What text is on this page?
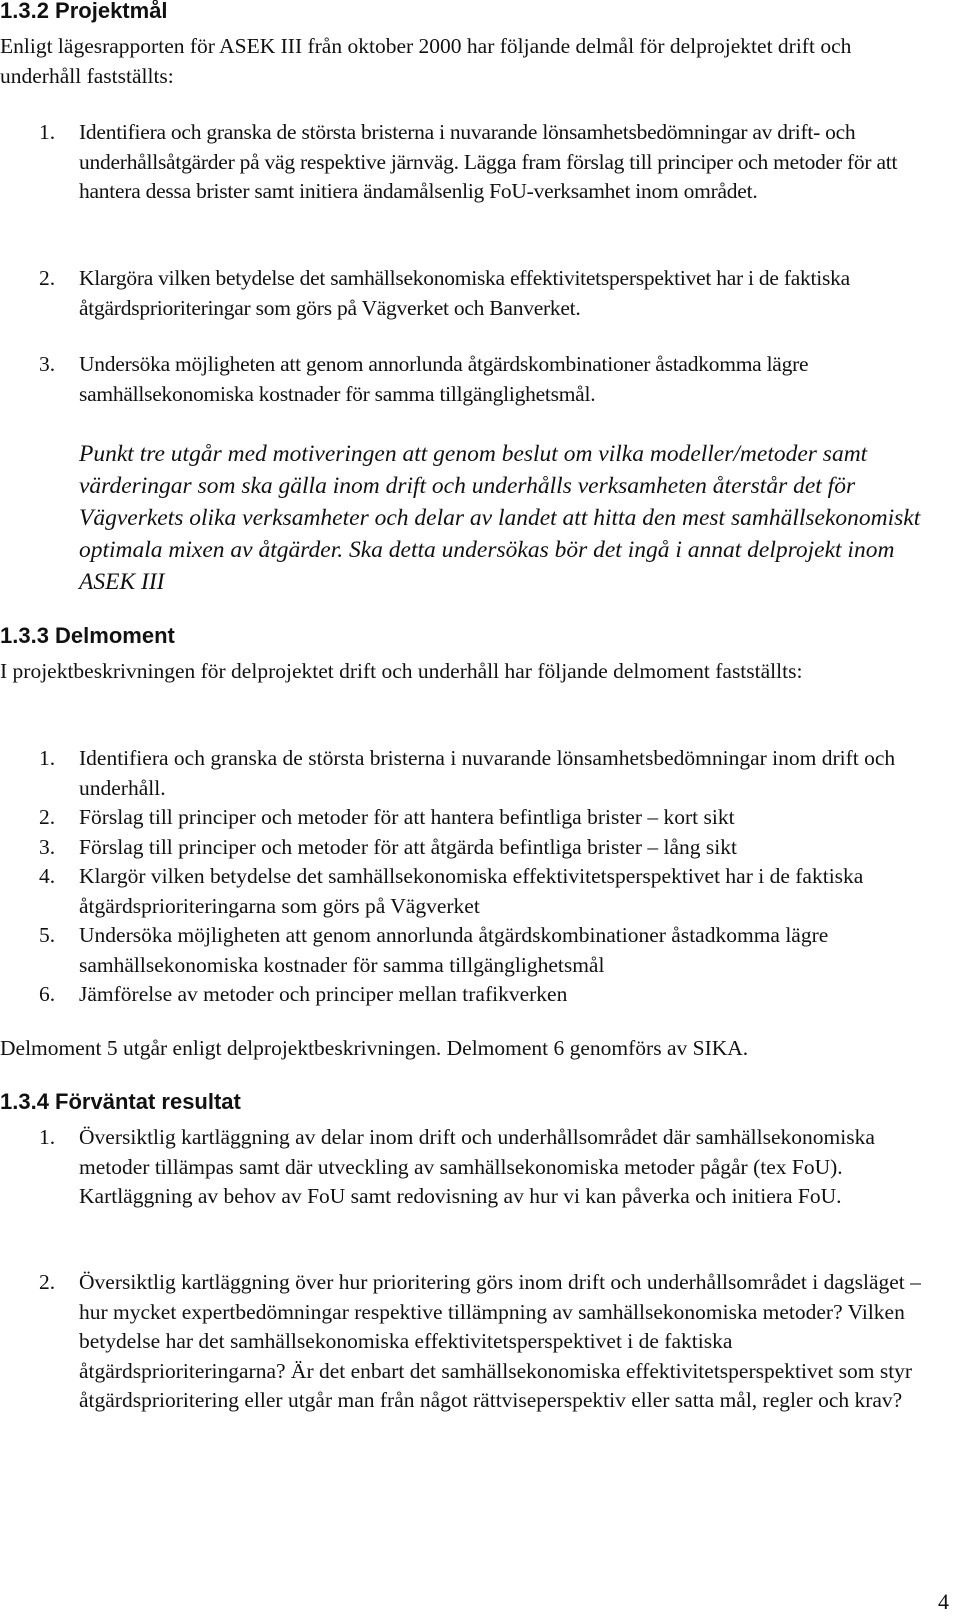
1.3.2 Projektmål

Enligt lägesrapporten för ASEK III från oktober 2000 har följande delmål för delprojektet drift och underhåll fastställts:

1. Identifiera och granska de största bristerna i nuvarande lönsamhetsbedömningar av drift- och underhållsåtgärder på väg respektive järnväg. Lägga fram förslag till principer och metoder för att hantera dessa brister samt initiera ändamålsenlig FoU-verksamhet inom området.
2. Klargöra vilken betydelse det samhällsekonomiska effektivitetsperspektivet har i de faktiska åtgärdsprioriteringar som görs på Vägverket och Banverket.
3. Undersöka möjligheten att genom annorlunda åtgärdskombinationer åstadkomma lägre samhällsekonomiska kostnader för samma tillgänglighetsmål.

Punkt tre utgår med motiveringen att genom beslut om vilka modeller/metoder samt värderingar som ska gälla inom drift och underhålls verksamheten återstår det för Vägverkets olika verksamheter och delar av landet att hitta den mest samhällsekonomiskt optimala mixen av åtgärder. Ska detta undersökas bör det ingå i annat delprojekt inom ASEK III

1.3.3 Delmoment

I projektbeskrivningen för delprojektet drift och underhåll har följande delmoment fastställts:

1. Identifiera och granska de största bristerna i nuvarande lönsamhetsbedömningar inom drift och underhåll.
2. Förslag till principer och metoder för att hantera befintliga brister – kort sikt
3. Förslag till principer och metoder för att åtgärda befintliga brister – lång sikt
4. Klargör vilken betydelse det samhällsekonomiska effektivitetsperspektivet har i de faktiska åtgärdsprioriteringarna som görs på Vägverket
5. Undersöka möjligheten att genom annorlunda åtgärdskombinationer åstadkomma lägre samhällsekonomiska kostnader för samma tillgänglighetsmål
6. Jämförelse av metoder och principer mellan trafikverken

Delmoment 5 utgår enligt delprojektbeskrivningen. Delmoment 6 genomförs av SIKA.

1.3.4 Förväntat resultat
1. Översiktlig kartläggning av delar inom drift och underhållsområdet där samhällsekonomiska metoder tillämpas samt där utveckling av samhällsekonomiska metoder pågår (tex FoU). Kartläggning av behov av FoU samt redovisning av hur vi kan påverka och initiera FoU.
2. Översiktlig kartläggning över hur prioritering görs inom drift och underhållsområdet i dagsläget – hur mycket expertbedömningar respektive tillämpning av samhällsekonomiska metoder? Vilken betydelse har det samhällsekonomiska effektivitetsperspektivet i de faktiska åtgärdsprioriteringarna? Är det enbart det samhällsekonomiska effektivitetsperspektivet som styr åtgärdsprioritering eller utgår man från något rättviseperspektiv eller satta mål, regler och krav?
4
